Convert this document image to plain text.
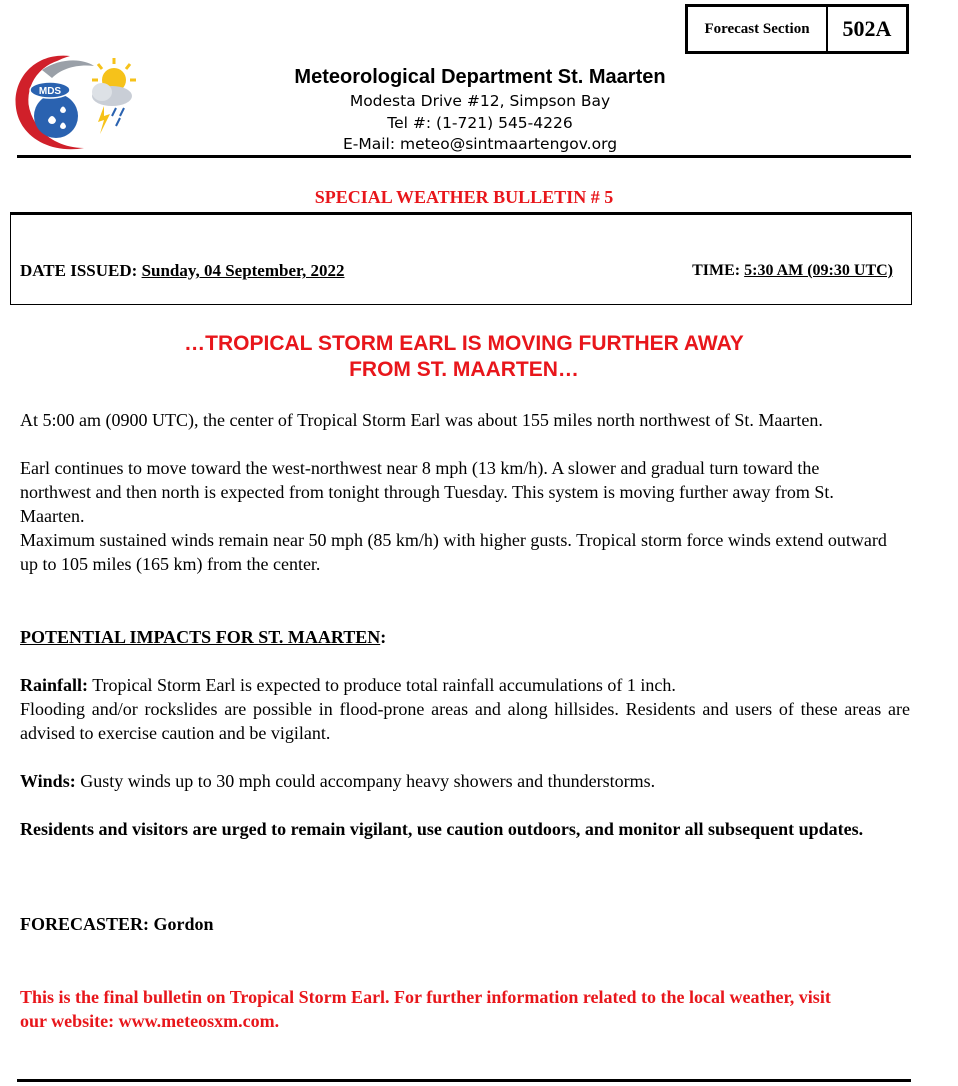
Forecast Section	502A
MDS
Meteorological Department St. Maarten
Modesta Drive #12, Simpson Bay
Tel #: (1-721) 545-4226
E-Mail: meteo@sintmaartengov.org
SPECIAL WEATHER BULLETIN # 5
DATE ISSUED: Sunday, 04 September, 2022	TIME: 5:30 AM (09:30 UTC)
…TROPICAL STORM EARL IS MOVING FURTHER AWAY
FROM ST. MAARTEN…
At 5:00 am (0900 UTC), the center of Tropical Storm Earl was about 155 miles north northwest of St. Maarten.
Earl continues to move toward the west-northwest near 8 mph (13 km/h). A slower and gradual turn toward the northwest and then north is expected from tonight through Tuesday. This system is moving further away from St. Maarten.
Maximum sustained winds remain near 50 mph (85 km/h) with higher gusts. Tropical storm force winds extend outward up to 105 miles (165 km) from the center.
POTENTIAL IMPACTS FOR ST. MAARTEN:
Rainfall: Tropical Storm Earl is expected to produce total rainfall accumulations of 1 inch.
Flooding and/or rockslides are possible in flood-prone areas and along hillsides. Residents and users of these areas are advised to exercise caution and be vigilant.
Winds: Gusty winds up to 30 mph could accompany heavy showers and thunderstorms.
Residents and visitors are urged to remain vigilant, use caution outdoors, and monitor all subsequent updates.
FORECASTER: Gordon
This is the final bulletin on Tropical Storm Earl. For further information related to the local weather, visit our website: www.meteosxm.com.
